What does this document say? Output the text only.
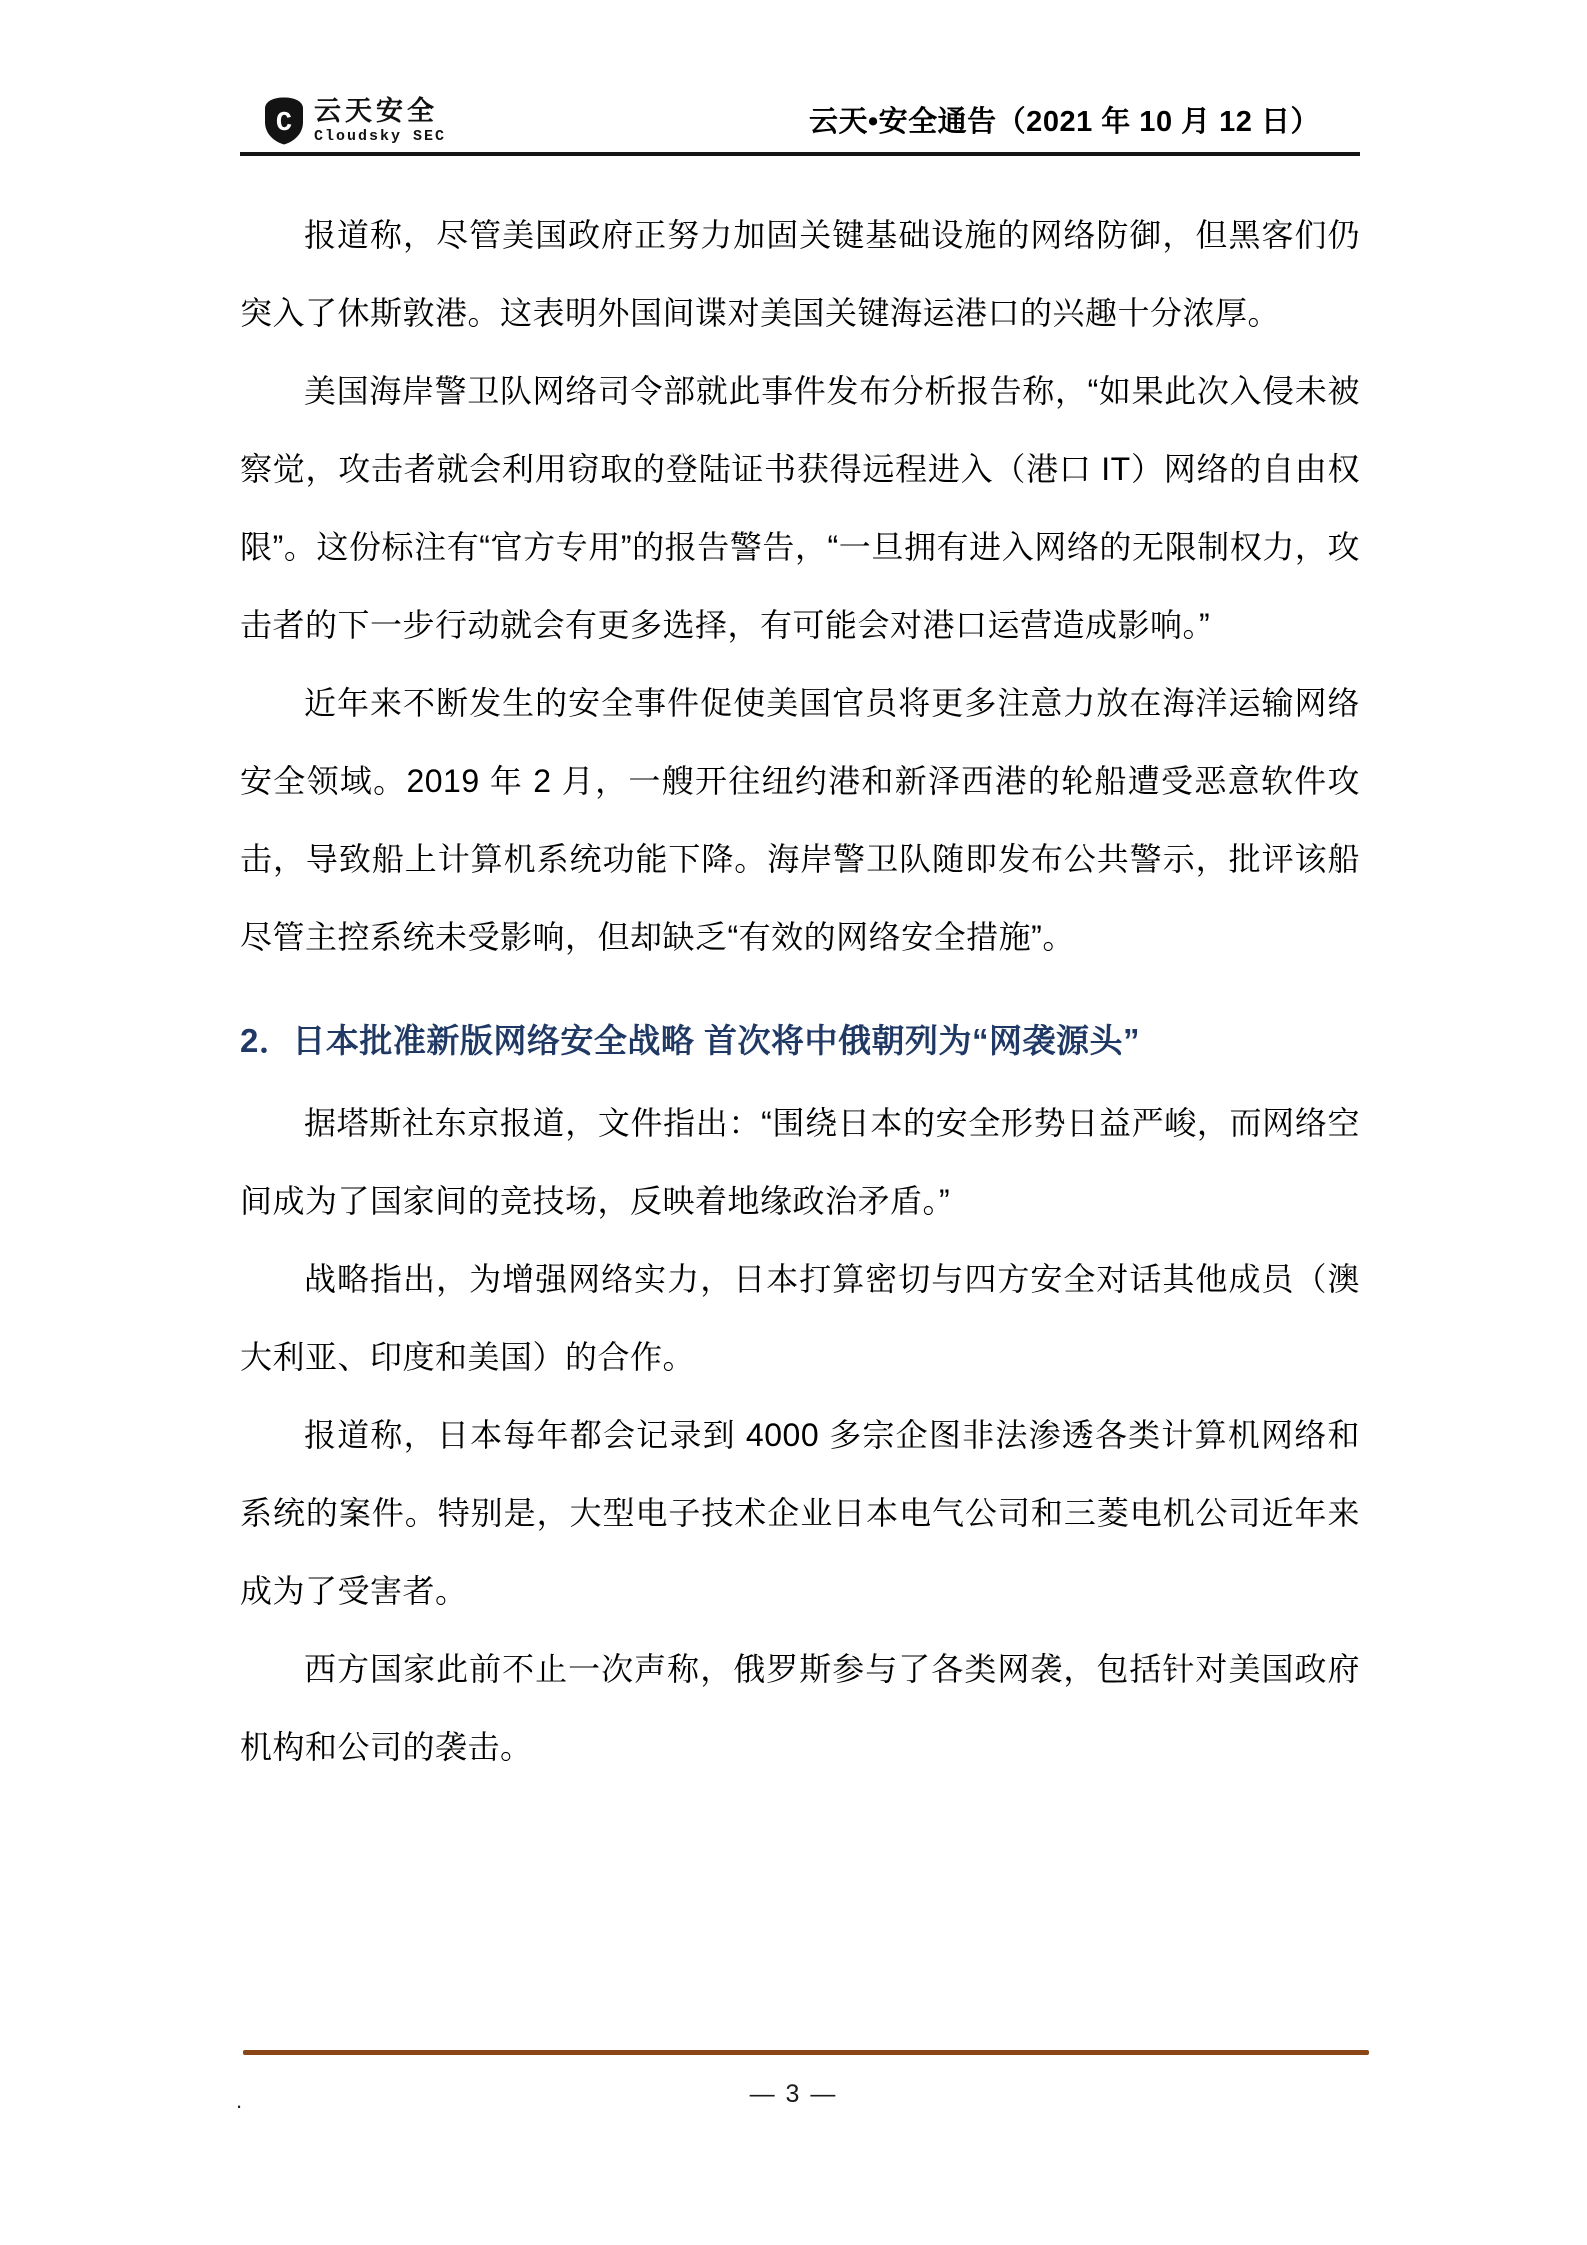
C 云天安全
Cloudsky SEC	云天•安全通告（2021 年 10 月 12 日）

报道称，尽管美国政府正努力加固关键基础设施的网络防御，但黑客们仍突入了休斯敦港。这表明外国间谍对美国关键海运港口的兴趣十分浓厚。

美国海岸警卫队网络司令部就此事件发布分析报告称，“如果此次入侵未被察觉，攻击者就会利用窃取的登陆证书获得远程进入（港口 IT）网络的自由权限”。这份标注有“官方专用”的报告警告，“一旦拥有进入网络的无限制权力，攻击者的下一步行动就会有更多选择，有可能会对港口运营造成影响。”

近年来不断发生的安全事件促使美国官员将更多注意力放在海洋运输网络安全领域。2019 年 2 月，一艘开往纽约港和新泽西港的轮船遭受恶意软件攻击，导致船上计算机系统功能下降。海岸警卫队随即发布公共警示，批评该船尽管主控系统未受影响，但却缺乏“有效的网络安全措施”。

2．日本批准新版网络安全战略 首次将中俄朝列为“网袭源头”

据塔斯社东京报道，文件指出：“围绕日本的安全形势日益严峻，而网络空间成为了国家间的竞技场，反映着地缘政治矛盾。”

战略指出，为增强网络实力，日本打算密切与四方安全对话其他成员（澳大利亚、印度和美国）的合作。

报道称，日本每年都会记录到 4000 多宗企图非法渗透各类计算机网络和系统的案件。特别是，大型电子技术企业日本电气公司和三菱电机公司近年来成为了受害者。

西方国家此前不止一次声称，俄罗斯参与了各类网袭，包括针对美国政府机构和公司的袭击。

.	— 3 —
